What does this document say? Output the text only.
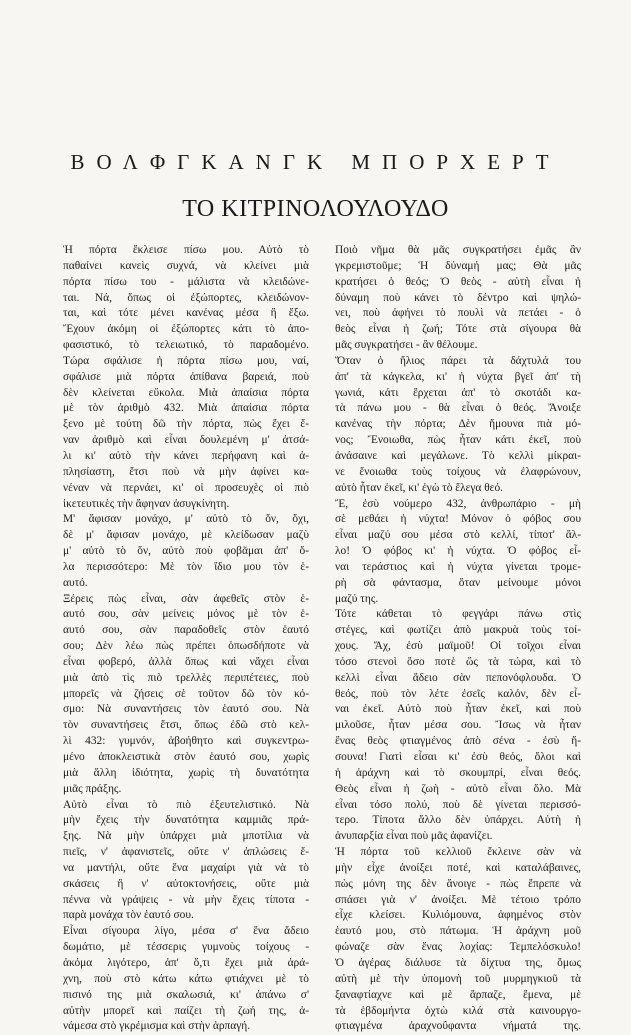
ΒΟΛΦΓΚΑΝΓΚ ΜΠΟΡΧΕΡΤ
ΤΟ ΚΙΤΡΙΝΟΛΟΥΛΟΥΔΟ
Ἡ πόρτα ἔκλεισε πίσω μου. Αὐτὸ τὸ
παθαίνει κανεὶς συχνά, νὰ κλείνει μιὰ
πόρτα πίσω του - μάλιστα νὰ κλειδώνε-
ται. Νά, ὅπως οἱ ἐξώπορτες, κλειδώνον-
ται, καὶ τότε μένει κανένας μέσα ἢ ἔξω.
Ἔχουν ἀκόμη οἱ ἐξώπορτες κάτι τὸ ἀπο-
φασιστικό, τὸ τελειωτικό, τὸ παραδομένο.
Τώρα σφάλισε ἡ πόρτα πίσω μου, ναί,
σφάλισε μιὰ πόρτα ἀπίθανα βαρειά, ποὺ
δὲν κλείνεται εὔκολα. Μιὰ ἀπαίσια πόρτα
μὲ τὸν ἀριθμὸ 432. Μιὰ ἀπαίσια πόρτα
ξενο μὲ τούτη δῶ τὴν πόρτα, πὼς ἔχει ἕ-
ναν ἀριθμὸ καὶ εἶναι δουλεμένη μ' ἀτσά-
λι κι' αὐτὸ τὴν κάνει περήφανη καὶ ἀ-
πλησίαστη, ἔτσι ποὺ νὰ μὴν ἀφίνει κα-
νέναν νὰ περνάει, κι' οἱ προσευχὲς οἱ πιὸ
ἱκετευτικὲς τὴν ἄφηναν ἀσυγκίνητη.
Μ' ἄφισαν μονάχο, μ' αὐτὸ τὸ ὄν, ὄχι,
δὲ μ' ἄφισαν μονάχο, μὲ κλείδωσαν μαζὺ
μ' αὐτὸ τὸ ὄν, αὐτὸ ποὺ φοβᾶμαι ἀπ' ὅ-
λα περισσότερο: Μὲ τὸν ἴδιο μου τὸν ἑ-
αυτό.
Ξέρεις πὼς εἶναι, σὰν ἀφεθεῖς στὸν ἑ-
αυτό σου, σὰν μείνεις μόνος μὲ τὸν ἑ-
αυτό σου, σὰν παραδοθεῖς στὸν ἑαυτό
σου; Δὲν λέω πὼς πρέπει ὁπωσδήποτε νὰ
εἶναι φοβερό, ἀλλὰ ὅπως καὶ νἄχει εἶναι
μιὰ ἀπὸ τὶς πιὸ τρελλὲς περιπέτειες, ποὺ
μπορεῖς νὰ ζήσεις σὲ τοῦτον δῶ τὸν κό-
σμο: Νὰ συναντήσεις τὸν ἑαυτό σου. Νὰ
τὸν συναντήσεις ἔτσι, ὅπως ἐδῶ στὸ κελ-
λὶ 432: γυμνόν, ἀβοήθητο καὶ συγκεντρω-
μένο ἀποκλειστικὰ στὸν ἑαυτό σου, χωρὶς
μιὰ ἄλλη ἰδιότητα, χωρὶς τὴ δυνατότητα
μιᾶς πράξης.
Αὐτὸ εἶναι τὸ πιὸ ἐξευτελιστικό. Νὰ
μὴν ἔχεις τὴν δυνατότητα καμμιᾶς πρά-
ξης. Νὰ μὴν ὑπάρχει μιὰ μποτίλια νὰ
πιεῖς, ν' ἀφανιστεῖς, οὔτε ν' ἁπλώσεις ἕ-
να μαντήλι, οὔτε ἕνα μαχαίρι γιὰ νὰ τὸ
σκάσεις ἢ ν' αὐτοκτονήσεις, οὔτε μιὰ
πέννα νὰ γράψεις - νὰ μὴν ἔχεις τίποτα -
παρὰ μονάχα τὸν ἑαυτό σου.
Εἶναι σίγουρα λίγο, μέσα σ' ἕνα ἄδειο
δωμάτιο, μὲ τέσσερις γυμνοὺς τοίχους -
ἀκόμα λιγότερο, ἀπ' ὅ,τι ἔχει μιὰ ἀρά-
χνη, ποὺ στὸ κάτω κάτω φτιάχνει μὲ τὸ
πισινό της μιὰ σκαλωσιά, κι' ἀπάνω σ'
αὐτὴν μπορεῖ καὶ παίζει τὴ ζωή της, ἀ-
νάμεσα στὸ γκρέμισμα καὶ στὴν ἁρπαγή.
Ποιὸ νῆμα θὰ μᾶς συγκρατήσει ἐμᾶς ἂν
γκρεμιστοῦμε; Ἡ δύναμή μας; Θὰ μᾶς
κρατήσει ὁ θεός; Ὁ θεὸς - αὐτὴ εἶναι ἡ
δύναμη ποὺ κάνει τὸ δέντρο καὶ ψηλώ-
νει, ποὺ ἀφήνει τὸ πουλὶ νὰ πετάει - ὁ
θεὸς εἶναι ἡ ζωή; Τότε στὰ σίγουρα θὰ
μᾶς συγκρατήσει - ἂν θέλουμε.
Ὅταν ὁ ἥλιος πάρει τὰ δάχτυλά του
ἀπ' τὰ κάγκελα, κι' ἡ νύχτα βγεῖ ἀπ' τὴ
γωνιά, κάτι ἔρχεται ἀπ' τὸ σκοτάδι κα-
τὰ πάνω μου - θὰ εἶναι ὁ θεός. Ἄνοιξε
κανένας τὴν πόρτα; Δὲν ἤμουνα πιὰ μό-
νος; Ἔνοιωθα, πὼς ἦταν κάτι ἐκεῖ, ποὺ
ἀνάσαινε καὶ μεγάλωνε. Τὸ κελλὶ μίκραι-
νε ἔνοιωθα τοὺς τοίχους νὰ ἐλαφρώνουν,
αὐτὸ ἦταν ἐκεῖ, κι' ἐγὼ τὸ ἔλεγα θεό.
Ἔ, ἐσὺ νούμερο 432, ἀνθρωπάριο - μὴ
σὲ μεθάει ἡ νύχτα! Μόνον ὁ φόβος σου
εἶναι μαζύ σου μέσα στὸ κελλί, τίποτ' ἄλ-
λο! Ὁ φόβος κι' ἡ νύχτα. Ὁ φόβος εἶ-
ναι τεράστιος καὶ ἡ νύχτα γίνεται τρομε-
ρὴ σὰ φάντασμα, ὅταν μείνουμε μόνοι
μαζύ της.
Τότε κάθεται τὸ φεγγάρι πάνω στὶς
στέγες, καὶ φωτίζει ἀπὸ μακρυὰ τοὺς τοί-
χους. Ἄχ, ἐσὺ μαϊμοῦ! Οἱ τοῖχοι εἶναι
τόσο στενοὶ ὅσο ποτὲ ὥς τὰ τώρα, καὶ τὸ
κελλὶ εἶναι ἄδειο σὰν πεπονόφλουδα. Ὁ
θεός, ποὺ τὸν λέτε ἐσεῖς καλόν, δὲν εἶ-
ναι ἐκεῖ. Αὐτὸ ποὺ ἦταν ἐκεῖ, καὶ ποὺ
μιλοῦσε, ἦταν μέσα σου. Ἴσως νὰ ἦταν
ἕνας θεὸς φτιαγμένος ἀπὸ σένα - ἐσὺ ἤ-
σουνα! Γιατὶ εἶσαι κι' ἐσὺ θεός, ὅλοι καὶ
ἡ ἀράχνη καὶ τὸ σκουμπρί, εἶναι θεός.
Θεὸς εἶναι ἡ ζωὴ - αὐτὸ εἶναι ὅλο. Μὰ
εἶναι τόσο πολύ, ποὺ δὲ γίνεται περισσό-
τερο. Τίποτα ἄλλο δὲν ὑπάρχει. Αὐτὴ ἡ
ἀνυπαρξία εἶναι ποὺ μᾶς ἀφανίζει.
Ἡ πόρτα τοῦ κελλιοῦ ἔκλεινε σὰν νὰ
μὴν εἶχε ἀνοίξει ποτέ, καὶ καταλάβαινες,
πὼς μόνη της δὲν ἄνοιγε - πὼς ἔπρεπε νὰ
σπάσει γιὰ ν' ἀνοίξει. Μὲ τέτοιο τρόπο
εἶχε κλείσει. Κυλιόμουνα, ἀφημένος στὸν
ἑαυτό μου, στὸ πάτωμα. Ἡ ἀράχνη μοῦ
φώναζε σὰν ἕνας λοχίας: Τεμπελόσκυλο!
Ὁ ἀγέρας διάλυσε τὰ δίχτυα της, ὅμως
αὐτὴ μὲ τὴν ὑπομονὴ τοῦ μυρμηγκιοῦ τὰ
ξαναφτίαχνε καὶ μὲ ἄρπαζε, ἔμενα, μὲ
τὰ ἑβδομήντα ὀχτὼ κιλά στὰ καινουργο-
φτιαγμένα ἀραχνοΰφαντα νήματά της.
